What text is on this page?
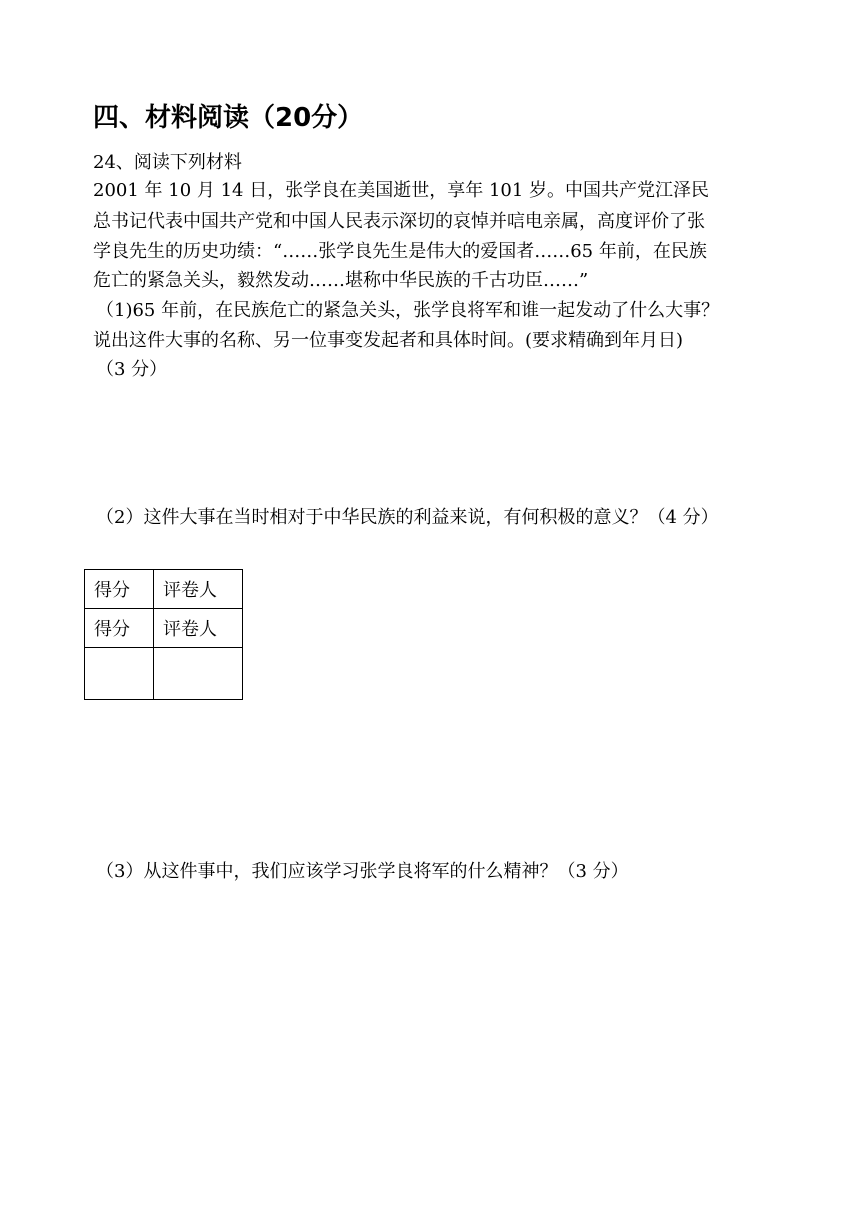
四、材料阅读（20分）
24、阅读下列材料
2001 年 10 月 14 日，张学良在美国逝世，享年 101 岁。中国共产党江泽民
总书记代表中国共产党和中国人民表示深切的哀悼并唁电亲属，高度评价了张
学良先生的历史功绩：“……张学良先生是伟大的爱国者……65 年前，在民族
危亡的紧急关头，毅然发动……堪称中华民族的千古功臣……”
（1)65 年前，在民族危亡的紧急关头，张学良将军和谁一起发动了什么大事？
说出这件大事的名称、另一位事变发起者和具体时间。(要求精确到年月日)
（3 分）
（2）这件大事在当时相对于中华民族的利益来说，有何积极的意义？（4 分）
得分	评卷人
得分	评卷人

（3）从这件事中，我们应该学习张学良将军的什么精神？（3 分）
